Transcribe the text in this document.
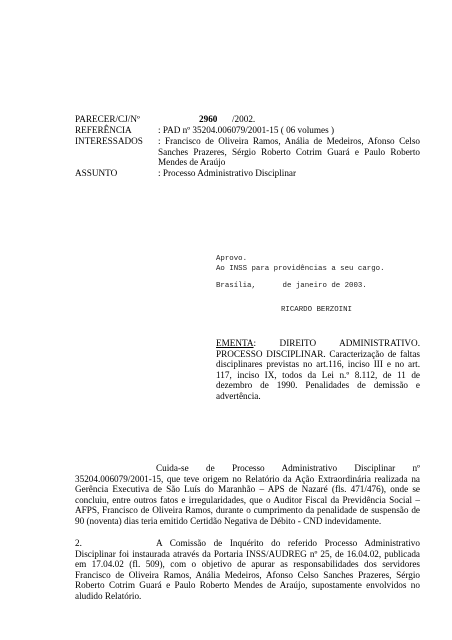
PARECER/CJ/Nº	2960 /2002.
REFERÊNCIA	: PAD nº 35204.006079/2001-15 ( 06 volumes )
INTERESSADOS : Francisco de Oliveira Ramos, Anália de Medeiros, Afonso Celso Sanches Prazeres, Sérgio Roberto Cotrim Guará e Paulo Roberto Mendes de Araújo
ASSUNTO	: Processo Administrativo Disciplinar
Aprovo.
Ao INSS para providências a seu cargo.
Brasília,      de janeiro de 2003.
RICARDO BERZOINI
EMENTA: DIREITO ADMINISTRATIVO. PROCESSO DISCIPLINAR. Caracterização de faltas disciplinares previstas no art.116, inciso III e no art. 117, inciso IX, todos da Lei n.º 8.112, de 11 de dezembro de 1990. Penalidades de demissão e advertência.
Cuida-se de Processo Administrativo Disciplinar nº 35204.006079/2001-15, que teve origem no Relatório da Ação Extraordinária realizada na Gerência Executiva de São Luís do Maranhão – APS de Nazaré (fls. 471/476), onde se concluiu, entre outros fatos e irregularidades, que o Auditor Fiscal da Previdência Social – AFPS, Francisco de Oliveira Ramos, durante o cumprimento da penalidade de suspensão de 90 (noventa) dias teria emitido Certidão Negativa de Débito - CND indevidamente.
2.	A Comissão de Inquérito do referido Processo Administrativo Disciplinar foi instaurada através da Portaria INSS/AUDREG nº 25, de 16.04.02, publicada em 17.04.02 (fl. 509), com o objetivo de apurar as responsabilidades dos servidores Francisco de Oliveira Ramos, Anália Medeiros, Afonso Celso Sanches Prazeres, Sérgio Roberto Cotrim Guará e Paulo Roberto Mendes de Araújo, supostamente envolvidos no aludido Relatório.
